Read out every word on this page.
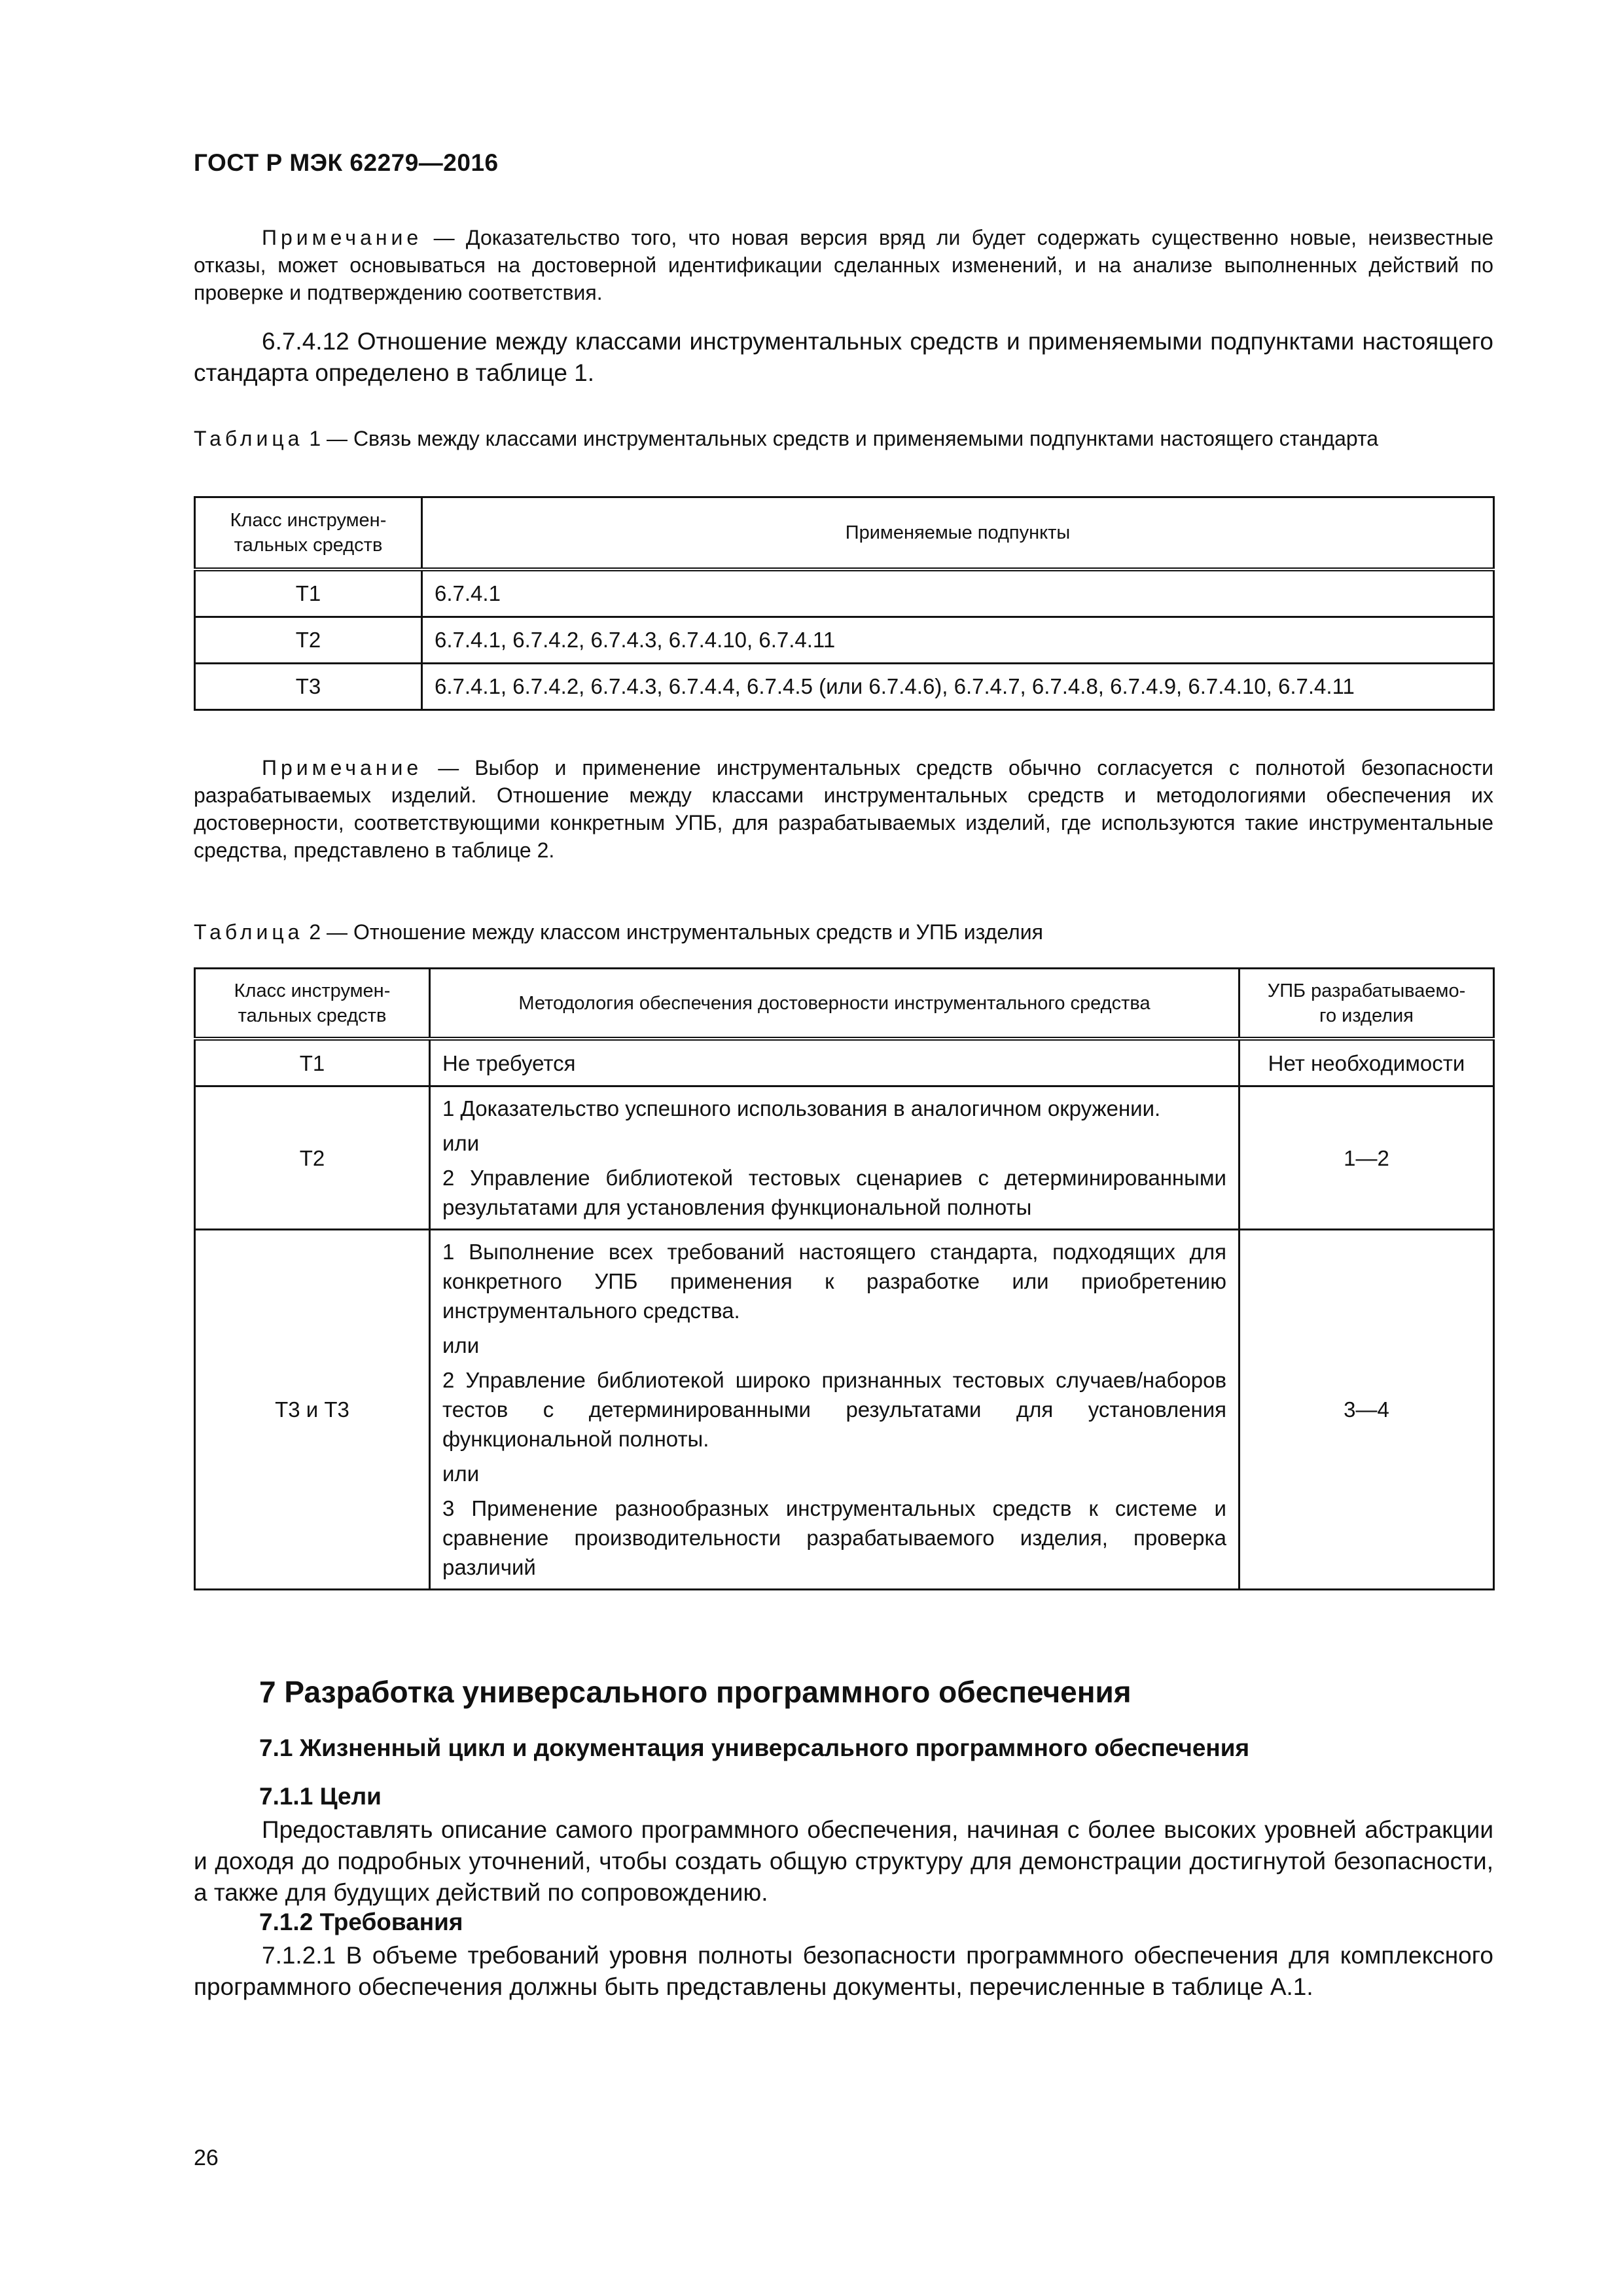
ГОСТ Р МЭК 62279—2016
Примечание — Доказательство того, что новая версия вряд ли будет содержать существенно новые, неизвестные отказы, может основываться на достоверной идентификации сделанных изменений, и на анализе выполненных действий по проверке и подтверждению соответствия.
6.7.4.12 Отношение между классами инструментальных средств и применяемыми подпунктами настоящего стандарта определено в таблице 1.
Таблица 1 — Связь между классами инструментальных средств и применяемыми подпунктами настоящего стандарта
Класс инструмен-
тальных средств	Применяемые подпункты
Т1	6.7.4.1
Т2	6.7.4.1, 6.7.4.2, 6.7.4.3, 6.7.4.10, 6.7.4.11
Т3	6.7.4.1, 6.7.4.2, 6.7.4.3, 6.7.4.4, 6.7.4.5 (или 6.7.4.6), 6.7.4.7, 6.7.4.8, 6.7.4.9, 6.7.4.10, 6.7.4.11
Примечание — Выбор и применение инструментальных средств обычно согласуется с полнотой безопасности разрабатываемых изделий. Отношение между классами инструментальных средств и методологиями обеспечения их достоверности, соответствующими конкретным УПБ, для разрабатываемых изделий, где используются такие инструментальные средства, представлено в таблице 2.
Таблица 2 — Отношение между классом инструментальных средств и УПБ изделия
Класс инструмен-
тальных средств	Методология обеспечения достоверности инструментального средства	УПБ разрабатываемо-
го изделия
Т1	Не требуется	Нет необходимости
Т2	1 Доказательство успешного использования в аналогичном окружении.
или
2 Управление библиотекой тестовых сценариев с детерминированными результатами для установления функциональной полноты	1—2
Т3 и Т3	1 Выполнение всех требований настоящего стандарта, подходящих для конкретного УПБ применения к разработке или приобретению инструментального средства.
или
2 Управление библиотекой широко признанных тестовых случаев/наборов тестов с детерминированными результатами для установления функциональной полноты.
или
3 Применение разнообразных инструментальных средств к системе и сравнение производительности разрабатываемого изделия, проверка различий	3—4
7 Разработка универсального программного обеспечения
7.1 Жизненный цикл и документация универсального программного обеспечения
7.1.1 Цели
Предоставлять описание самого программного обеспечения, начиная с более высоких уровней абстракции и доходя до подробных уточнений, чтобы создать общую структуру для демонстрации достигнутой безопасности, а также для будущих действий по сопровождению.
7.1.2 Требования
7.1.2.1 В объеме требований уровня полноты безопасности программного обеспечения для комплексного программного обеспечения должны быть представлены документы, перечисленные в таблице А.1.
26
